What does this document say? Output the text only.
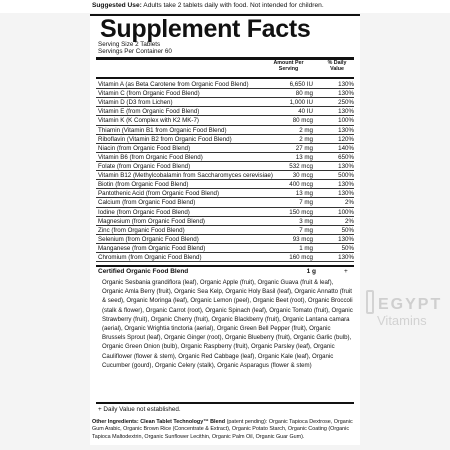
Suggested Use: Adults take 2 tablets daily with food. Not intended for children.
Supplement Facts
Serving Size 2 Tablets
Servings Per Container 60
Amount Per Serving
% Daily Value
Vitamin A (as Beta Carotene from Organic Food Blend)	6,650 IU	130%
Vitamin C (from Organic Food Blend)	80 mg	130%
Vitamin D (D3 from Lichen)	1,000 IU	250%
Vitamin E (from Organic Food Blend)	40 IU	130%
Vitamin K (K Complex with K2 MK-7)	80 mcg	100%
Thiamin (Vitamin B1 from Organic Food Blend)	2 mg	130%
Riboflavin (Vitamin B2 from Organic Food Blend)	2 mg	120%
Niacin (from Organic Food Blend)	27 mg	140%
Vitamin B6 (from Organic Food Blend)	13 mg	650%
Folate (from Organic Food Blend)	532 mcg	130%
Vitamin B12 (Methylcobalamin from Saccharomyces cerevisiae)	30 mcg	500%
Biotin (from Organic Food Blend)	400 mcg	130%
Pantothenic Acid (from Organic Food Blend)	13 mg	130%
Calcium (from Organic Food Blend)	7 mg	2%
Iodine (from Organic Food Blend)	150 mcg	100%
Magnesium (from Organic Food Blend)	3 mg	2%
Zinc (from Organic Food Blend)	7 mg	50%
Selenium (from Organic Food Blend)	93 mcg	130%
Manganese (from Organic Food Blend)	1 mg	50%
Chromium (from Organic Food Blend)	160 mcg	130%
Certified Organic Food Blend	1 g	+
Organic Sesbania grandiflora (leaf), Organic Apple (fruit), Organic Guava (fruit & leaf), Organic Amla Berry (fruit), Organic Sea Kelp, Organic Holy Basil (leaf), Organic Annatto (fruit & seed), Organic Moringa (leaf), Organic Lemon (peel), Organic Beet (root), Organic Broccoli (stalk & flower), Organic Carrot (root), Organic Spinach (leaf), Organic Tomato (fruit), Organic Strawberry (fruit), Organic Cherry (fruit), Organic Blackberry (fruit), Organic Lantana camara (aerial), Organic Wrightia tinctoria (aerial), Organic Green Bell Pepper (fruit), Organic Brussels Sprout (leaf), Organic Ginger (root), Organic Blueberry (fruit), Organic Garlic (bulb), Organic Green Onion (bulb), Organic Raspberry (fruit), Organic Parsley (leaf), Organic Cauliflower (flower & stem), Organic Red Cabbage (leaf), Organic Kale (leaf), Organic Cucumber (gourd), Organic Celery (stalk), Organic Asparagus (flower & stem)
+ Daily Value not established.
Other Ingredients: Clean Tablet Technology™ Blend (patent pending): Organic Tapioca Dextrose, Organic Gum Arabic, Organic Brown Rice (Concentrate & Extract), Organic Potato Starch, Organic Coating (Organic Tapioca Maltodextrin, Organic Sunflower Lecithin, Organic Palm Oil, Organic Guar Gum).
EGYPT
Vitamins
